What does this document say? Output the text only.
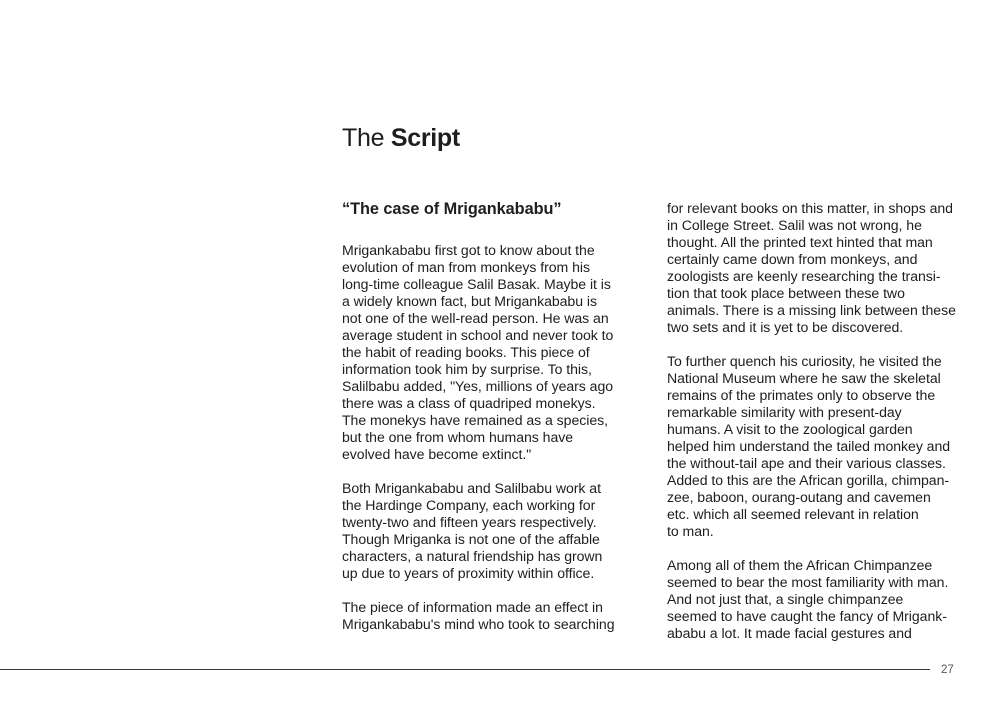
The Script
“The case of Mrigankababu”

Mrigankababu first got to know about the
evolution of man from monkeys from his
long-time colleague Salil Basak. Maybe it is
a widely known fact, but Mrigankababu is
not one of the well-read person. He was an
average student in school and never took to
the habit of reading books. This piece of
information took him by surprise. To this,
Salilbabu added, "Yes, millions of years ago
there was a class of quadriped monekys.
The monekys have remained as a species,
but the one from whom humans have
evolved have become extinct."

Both Mrigankababu and Salilbabu work at
the Hardinge Company, each working for
twenty-two and fifteen years respectively.
Though Mriganka is not one of the affable
characters, a natural friendship has grown
up due to years of proximity within office.

The piece of information made an effect in
Mrigankababu's mind who took to searching

for relevant books on this matter, in shops and
in College Street. Salil was not wrong, he
thought. All the printed text hinted that man
certainly came down from monkeys, and
zoologists are keenly researching the transi-
tion that took place between these two
animals. There is a missing link between these
two sets and it is yet to be discovered.

To further quench his curiosity, he visited the
National Museum where he saw the skeletal
remains of the primates only to observe the
remarkable similarity with present-day
humans. A visit to the zoological garden
helped him understand the tailed monkey and
the without-tail ape and their various classes.
Added to this are the African gorilla, chimpan-
zee, baboon, ourang-outang and cavemen
etc. which all seemed relevant in relation
to man.

Among all of them the African Chimpanzee
seemed to bear the most familiarity with man.
And not just that, a single chimpanzee
seemed to have caught the fancy of Mrigank-
ababu a lot. It made facial gestures and

27
